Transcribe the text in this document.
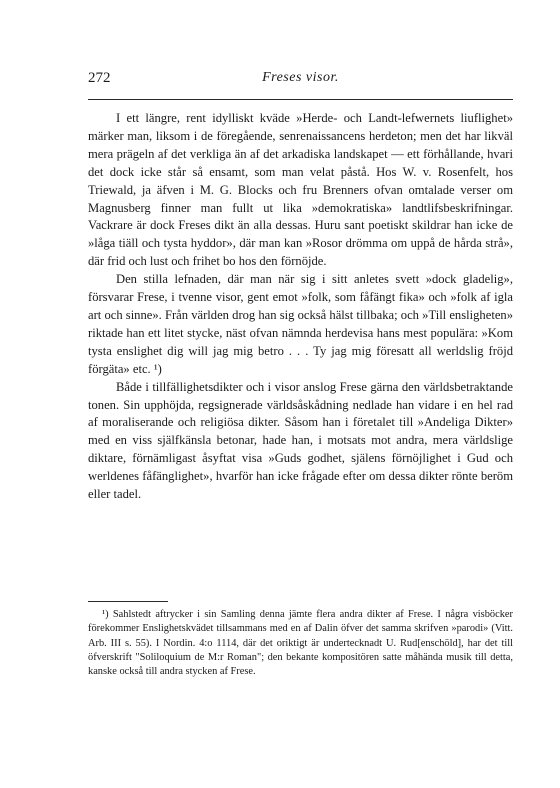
272	Freses visor.

I ett längre, rent idylliskt kväde »Herde- och Landt-lefwernets liuflighet» märker man, liksom i de föregående, senrenaissancens herdeton; men det har likväl mera prägeln af det verkliga än af det arkadiska landskapet — ett förhållande, hvari det dock icke står så ensamt, som man velat påstå. Hos W. v. Rosenfelt, hos Triewald, ja äfven i M. G. Blocks och fru Brenners ofvan omtalade verser om Magnusberg finner man fullt ut lika »demokratiska» landtlifsbeskrifningar. Vackrare är dock Freses dikt än alla dessas. Huru sant poetiskt skildrar han icke de »låga tiäll och tysta hyddor», där man kan »Rosor drömma om uppå de hårda strå», där frid och lust och frihet bo hos den förnöjde.

Den stilla lefnaden, där man när sig i sitt anletes svett »dock gladelig», försvarar Frese, i tvenne visor, gent emot »folk, som fåfängt fika» och »folk af igla art och sinne». Från världen drog han sig också hälst tillbaka; och »Till ensligheten» riktade han ett litet stycke, näst ofvan nämnda herdevisa hans mest populära: »Kom tysta enslighet dig will jag mig betro . . . Ty jag mig föresatt all werldslig fröjd förgäta» etc. ¹)

Både i tillfällighetsdikter och i visor anslog Frese gärna den världsbetraktande tonen. Sin upphöjda, regsignerade världsåskådning nedlade han vidare i en hel rad af moraliserande och religiösa dikter. Såsom han i företalet till »Andeliga Dikter» med en viss själfkänsla betonar, hade han, i motsats mot andra, mera världslige diktare, förnämligast åsyftat visa »Guds godhet, själens förnöjlighet i Gud och werldenes fåfänglighet», hvarför han icke frågade efter om dessa dikter rönte beröm eller tadel.

¹) Sahlstedt aftrycker i sin Samling denna jämte flera andra dikter af Frese. I några visböcker förekommer Enslighetskvädet tillsammans med en af Dalin öfver det samma skrifven »parodi» (Vitt. Arb. III s. 55). I Nordin. 4:o 1114, där det oriktigt är undertecknadt U. Rud[enschöld], har det till öfverskrift "Soliloquium de M:r Roman"; den bekante kompositören satte måhända musik till detta, kanske också till andra stycken af Frese.
